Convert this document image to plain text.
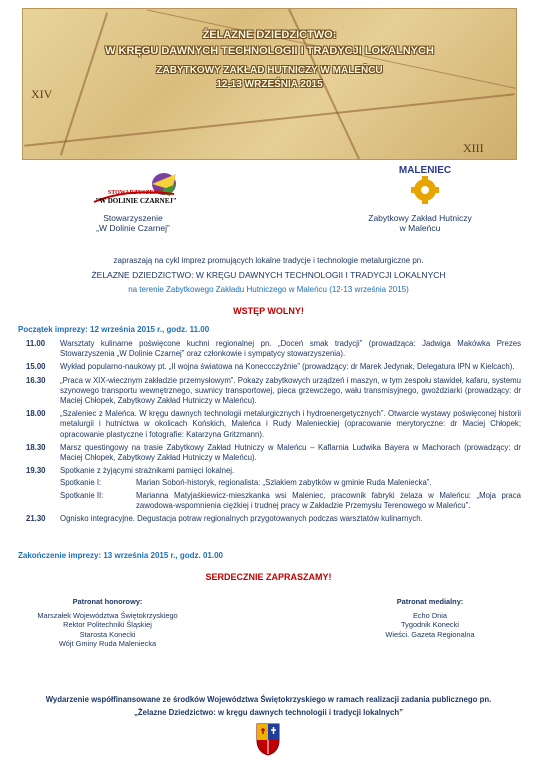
XIV
XIII
ŻELAZNE DZIEDZICTWO:
W KRĘGU DAWNYCH TECHNOLOGII I TRADYCJI LOKALNYCH
ZABYTKOWY ZAKŁAD HUTNICZY W MALEŃCU
12-13 WRZEŚNIA 2015
STOWARZYSZENIE
"W DOLINIE CZARNEJ"
MALENIEC
Stowarzyszenie
„W Dolinie Czarnej”
Zabytkowy Zakład Hutniczy
w Maleńcu
zapraszają na cykl imprez promujących lokalne tradycje i technologie metalurgiczne pn.
ŻELAZNE DZIEDZICTWO: W KRĘGU DAWNYCH TECHNOLOGII I TRADYCJI LOKALNYCH
na terenie Zabytkowego Zakładu Hutniczego w Maleńcu (12-13 września 2015)
WSTĘP WOLNY!
Początek imprezy: 12 września 2015 r., godz. 11.00
11.00	Warsztaty kulinarne poświęcone kuchni regionalnej pn. „Doceń smak tradycji” (prowadząca: Jadwiga Makówka Prezes Stowarzyszenia „W Dolinie Czarnej” oraz członkowie i sympatycy stowarzyszenia).
15.00	Wykład popularno-naukowy pt. „II wojna światowa na Koneccczyźnie” (prowadzący: dr Marek Jedynak, Delegatura IPN w Kielcach).
16.30	„Praca w XIX-wiecznym zakładzie przemysłowym”. Pokazy zabytkowych urządzeń i maszyn, w tym zespołu stawideł, kafaru, systemu szynowego transportu wewnętrznego, suwnicy transportowej, pieca grzewczego, wału transmisyjnego, gwoździarki (prowadzący: dr Maciej Chłopek, Zabytkowy Zakład Hutniczy w Maleńcu).
18.00	„Szaleniec z Maleńca. W kręgu dawnych technologii metalurgicznych i hydroenergetycznych”. Otwarcie wystawy poświęconej historii metalurgii i hutnictwa w okolicach Końskich, Maleńca i Rudy Malenieckiej (opracowanie merytoryczne: dr Maciej Chłopek; opracowanie plastyczne i fotografie: Katarzyna Gritzmann).
18.30	Marsz questingowy na trasie Zabytkowy Zakład Hutniczy w Maleńcu – Kaflarnia Ludwika Bayera w Machorach (prowadzący: dr Maciej Chłopek, Zabytkowy Zakład Hutniczy w Maleńcu).
19.30	Spotkanie z żyjącymi strażnikami pamięci lokalnej.
Spotkanie I:	Marian Soboń-historyk, regionalista: „Szlakiem zabytków w gminie Ruda Maleniecka”.
Spotkanie II:	Marianna Matyjaśkiewicz-mieszkanka wsi Maleniec, pracownik fabryki żelaza w Maleńcu: „Moja praca zawodowa-wspomnienia ciężkiej i trudnej pracy w Zakładzie Przemysłu Terenowego w Maleńcu”.
21.30	Ognisko integracyjne. Degustacja potraw regionalnych przygotowanych podczas warsztatów kulinarnych.
Zakończenie imprezy: 13 września 2015 r., godz. 01.00
SERDECZNIE ZAPRASZAMY!
Patronat honorowy:
Marszałek Województwa Świętokrzyskiego
Rektor Politechniki Śląskiej
Starosta Konecki
Wójt Gminy Ruda Maleniecka
Patronat medialny:
Echo Dnia
Tygodnik Konecki
Wieści. Gazeta Regionalna
Wydarzenie współfinansowane ze środków Województwa Świętokrzyskiego w ramach realizacji zadania publicznego pn.
„Żelazne Dziedzictwo: w kręgu dawnych technologii i tradycji lokalnych”
